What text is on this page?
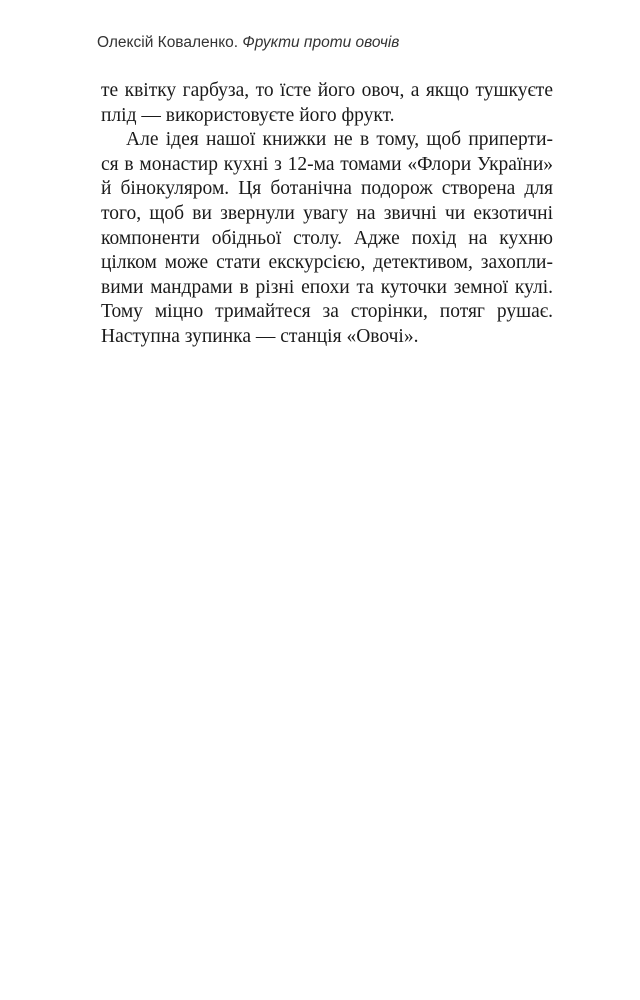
Олексій Коваленко. Фрукти проти овочів
те квітку гарбуза, то їсте його овоч, а якщо тушкуєте
плід — використовуєте його фрукт.
Але ідея нашої книжки не в тому, щоб приперти-
ся в монастир кухні з 12-ма томами «Флори України»
й бінокуляром. Ця ботанічна подорож створена для
того, щоб ви звернули увагу на звичні чи екзотичні
компоненти обідньої столу. Адже похід на кухню
цілком може стати екскурсією, детективом, захопли-
вими мандрами в різні епохи та куточки земної кулі.
Тому міцно тримайтеся за сторінки, потяг рушає.
Наступна зупинка — станція «Овочі».
